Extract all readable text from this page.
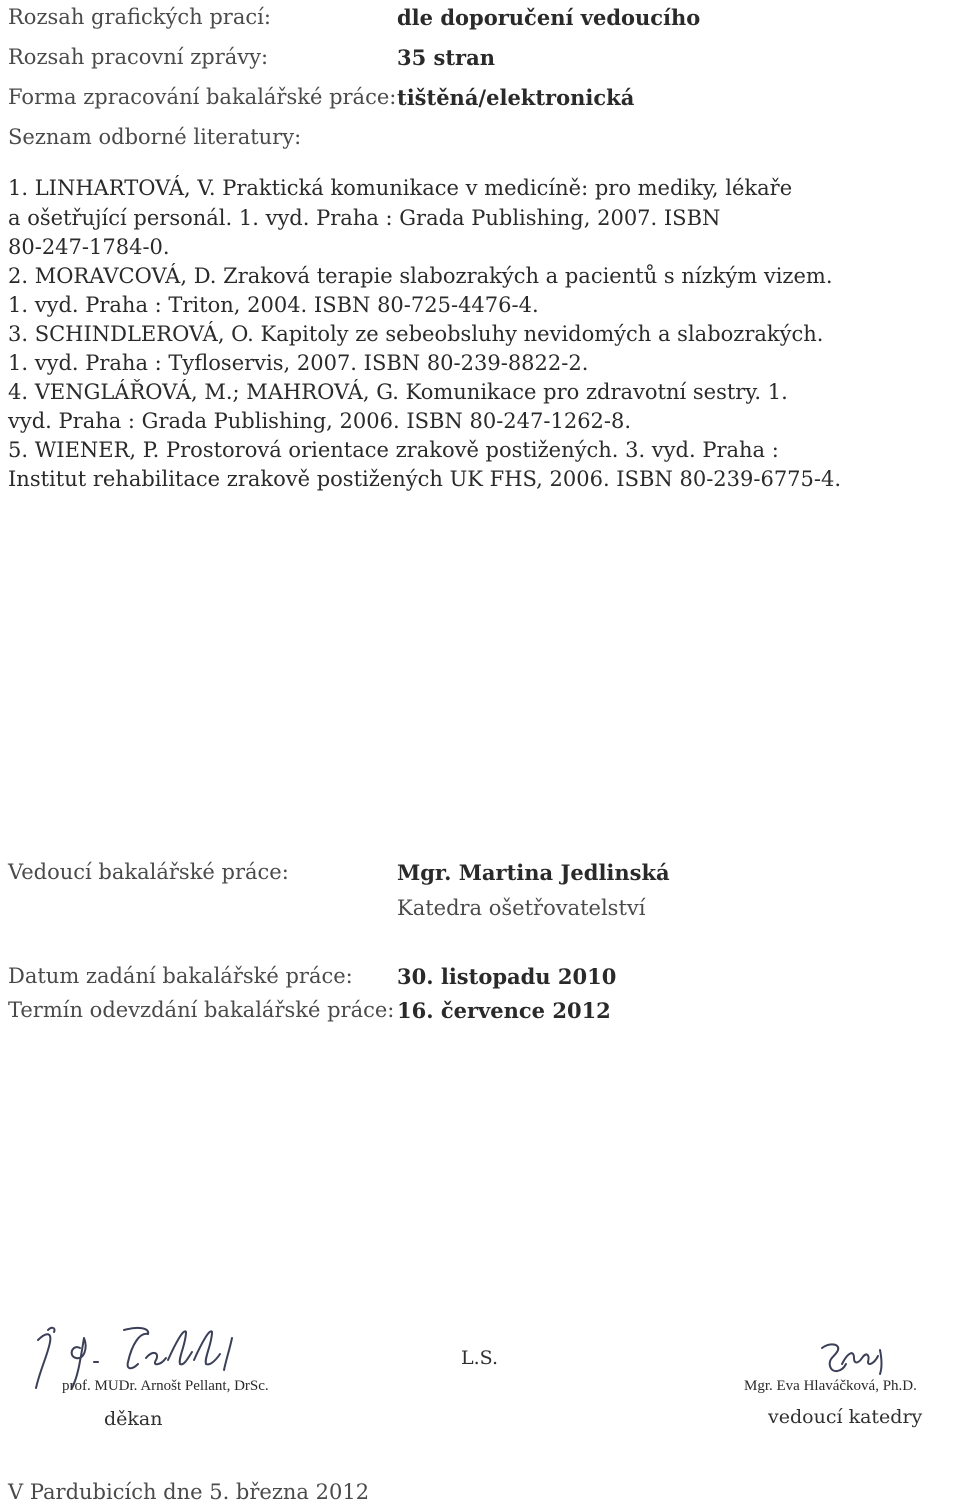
Rozsah grafických prací:	dle doporučení vedoucího
Rozsah pracovní zprávy:	35 stran
Forma zpracování bakalářské práce: tištěná/elektronická
Seznam odborné literatury:
1. LINHARTOVÁ, V. Praktická komunikace v medicíně: pro mediky, lékaře
a ošetřující personál. 1. vyd. Praha : Grada Publishing, 2007. ISBN
80-247-1784-0.
2. MORAVCOVÁ, D. Zraková terapie slabozrakých a pacientů s nízkým vizem.
1. vyd. Praha : Triton, 2004. ISBN 80-725-4476-4.
3. SCHINDLEROVÁ, O. Kapitoly ze sebeobsluhy nevidomých a slabozrakých.
1. vyd. Praha : Tyfloservis, 2007. ISBN 80-239-8822-2.
4. VENGLÁŘOVÁ, M.; MAHROVÁ, G. Komunikace pro zdravotní sestry. 1.
vyd. Praha : Grada Publishing, 2006. ISBN 80-247-1262-8.
5. WIENER, P. Prostorová orientace zrakově postižených. 3. vyd. Praha :
Institut rehabilitace zrakově postižených UK FHS, 2006. ISBN 80-239-6775-4.
Vedoucí bakalářské práce:	Mgr. Martina Jedlinská
Katedra ošetřovatelství
Datum zadání bakalářské práce: 30. listopadu 2010
Termín odevzdání bakalářské práce: 16. července 2012
prof. MUDr. Arnošt Pellant, DrSc.
děkan
L.S.
Mgr. Eva Hlaváčková, Ph.D.
vedoucí katedry
V Pardubicích dne 5. března 2012
